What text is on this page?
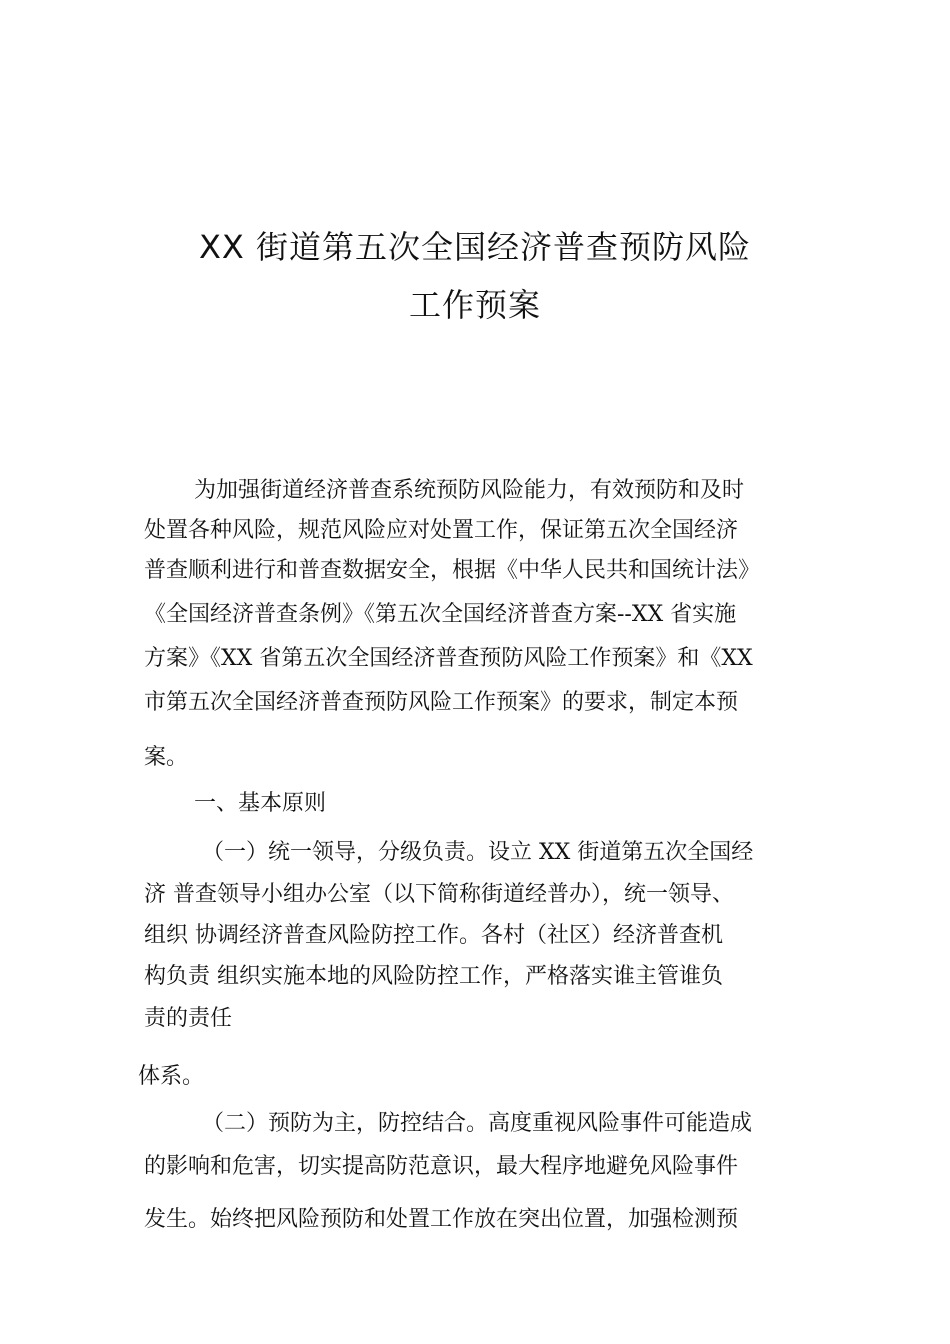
XX 街道第五次全国经济普查预防风险
工作预案
为加强街道经济普查系统预防风险能力，有效预防和及时
处置各种风险，规范风险应对处置工作，保证第五次全国经济
普查顺利进行和普查数据安全，根据《中华人民共和国统计法》
《全国经济普查条例》《第五次全国经济普查方案--XX 省实施
方案》《XX 省第五次全国经济普查预防风险工作预案》和《XX
市第五次全国经济普查预防风险工作预案》的要求，制定本预
案。
一、基本原则
（一）统一领导，分级负责。设立 XX 街道第五次全国经
济 普查领导小组办公室（以下简称街道经普办），统一领导、
组织 协调经济普查风险防控工作。各村（社区）经济普查机
构负责 组织实施本地的风险防控工作，严格落实谁主管谁负
责的责任
体系。
（二）预防为主，防控结合。高度重视风险事件可能造成
的影响和危害，切实提高防范意识，最大程序地避免风险事件
发生。始终把风险预防和处置工作放在突出位置，加强检测预
